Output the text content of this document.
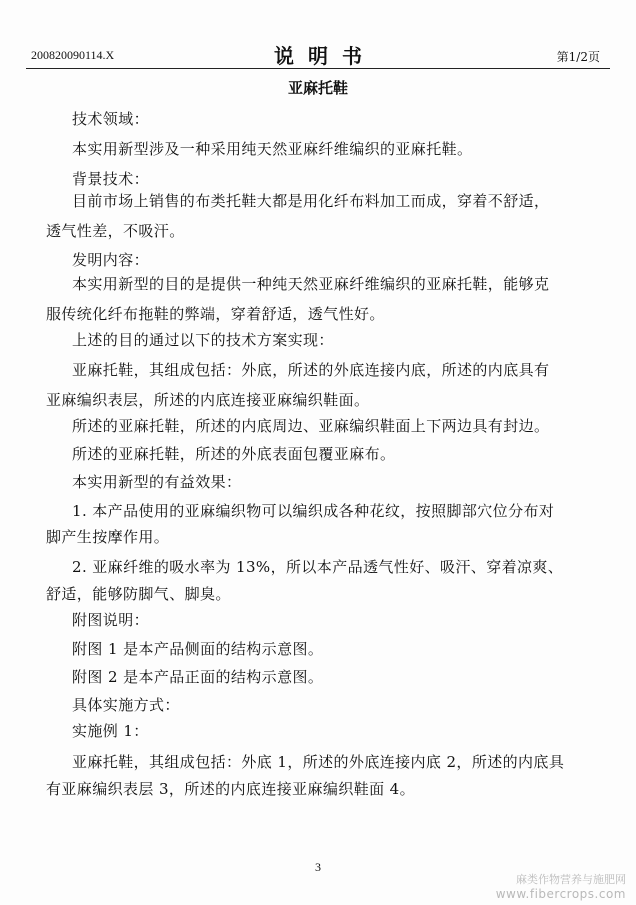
200820090114.X	说明书	第1/2页
亚麻托鞋
技术领域：
本实用新型涉及一种采用纯天然亚麻纤维编织的亚麻托鞋。
背景技术：
目前市场上销售的布类托鞋大都是用化纤布料加工而成，穿着不舒适，
透气性差，不吸汗。
发明内容：
本实用新型的目的是提供一种纯天然亚麻纤维编织的亚麻托鞋，能够克
服传统化纤布拖鞋的弊端，穿着舒适，透气性好。
上述的目的通过以下的技术方案实现：
亚麻托鞋，其组成包括：外底，所述的外底连接内底，所述的内底具有
亚麻编织表层，所述的内底连接亚麻编织鞋面。
所述的亚麻托鞋，所述的内底周边、亚麻编织鞋面上下两边具有封边。
所述的亚麻托鞋，所述的外底表面包覆亚麻布。
本实用新型的有益效果：
1. 本产品使用的亚麻编织物可以编织成各种花纹，按照脚部穴位分布对
脚产生按摩作用。
2. 亚麻纤维的吸水率为 13%，所以本产品透气性好、吸汗、穿着凉爽、
舒适，能够防脚气、脚臭。
附图说明：
附图 1 是本产品侧面的结构示意图。
附图 2 是本产品正面的结构示意图。
具体实施方式：
实施例 1：
亚麻托鞋，其组成包括：外底 1，所述的外底连接内底 2，所述的内底具
有亚麻编织表层 3，所述的内底连接亚麻编织鞋面 4。
3
麻类作物营养与施肥网
www.fibercrops.com
